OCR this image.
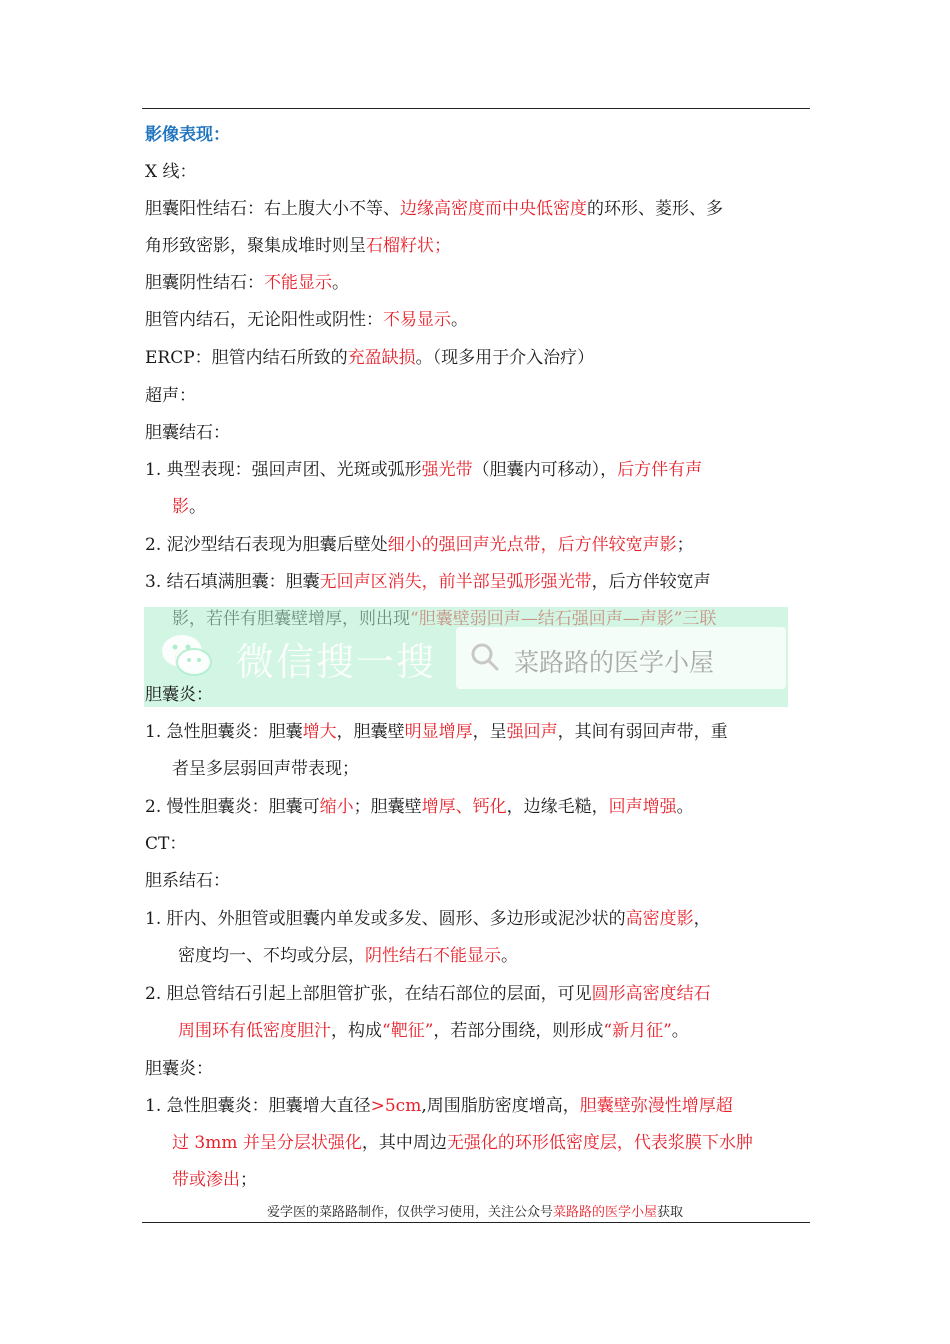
影像表现：
X 线：
胆囊阳性结石：右上腹大小不等、边缘高密度而中央低密度的环形、菱形、多
角形致密影，聚集成堆时则呈石榴籽状；
胆囊阴性结石：不能显示。
胆管内结石，无论阳性或阴性：不易显示。
ERCP：胆管内结石所致的充盈缺损。（现多用于介入治疗）
超声：
胆囊结石：
1. 典型表现：强回声团、光斑或弧形强光带（胆囊内可移动），后方伴有声
影。
2. 泥沙型结石表现为胆囊后壁处细小的强回声光点带，后方伴较宽声影；
3. 结石填满胆囊：胆囊无回声区消失，前半部呈弧形强光带，后方伴较宽声
微信搜一搜	菜路路的医学小屋
胆囊炎：
1. 急性胆囊炎：胆囊增大，胆囊壁明显增厚，呈强回声，其间有弱回声带，重
者呈多层弱回声带表现；
2. 慢性胆囊炎：胆囊可缩小；胆囊壁增厚、钙化，边缘毛糙，回声增强。
CT：
胆系结石：
1. 肝内、外胆管或胆囊内单发或多发、圆形、多边形或泥沙状的高密度影，
密度均一、不均或分层，阴性结石不能显示。
2. 胆总管结石引起上部胆管扩张，在结石部位的层面，可见圆形高密度结石
周围环有低密度胆汁，构成“靶征”，若部分围绕，则形成“新月征”。
胆囊炎：
1. 急性胆囊炎：胆囊增大直径>5cm,周围脂肪密度增高，胆囊壁弥漫性增厚超
过 3mm 并呈分层状强化，其中周边无强化的环形低密度层，代表浆膜下水肿
带或渗出；
爱学医的菜路路制作，仅供学习使用，关注公众号菜路路的医学小屋获取
